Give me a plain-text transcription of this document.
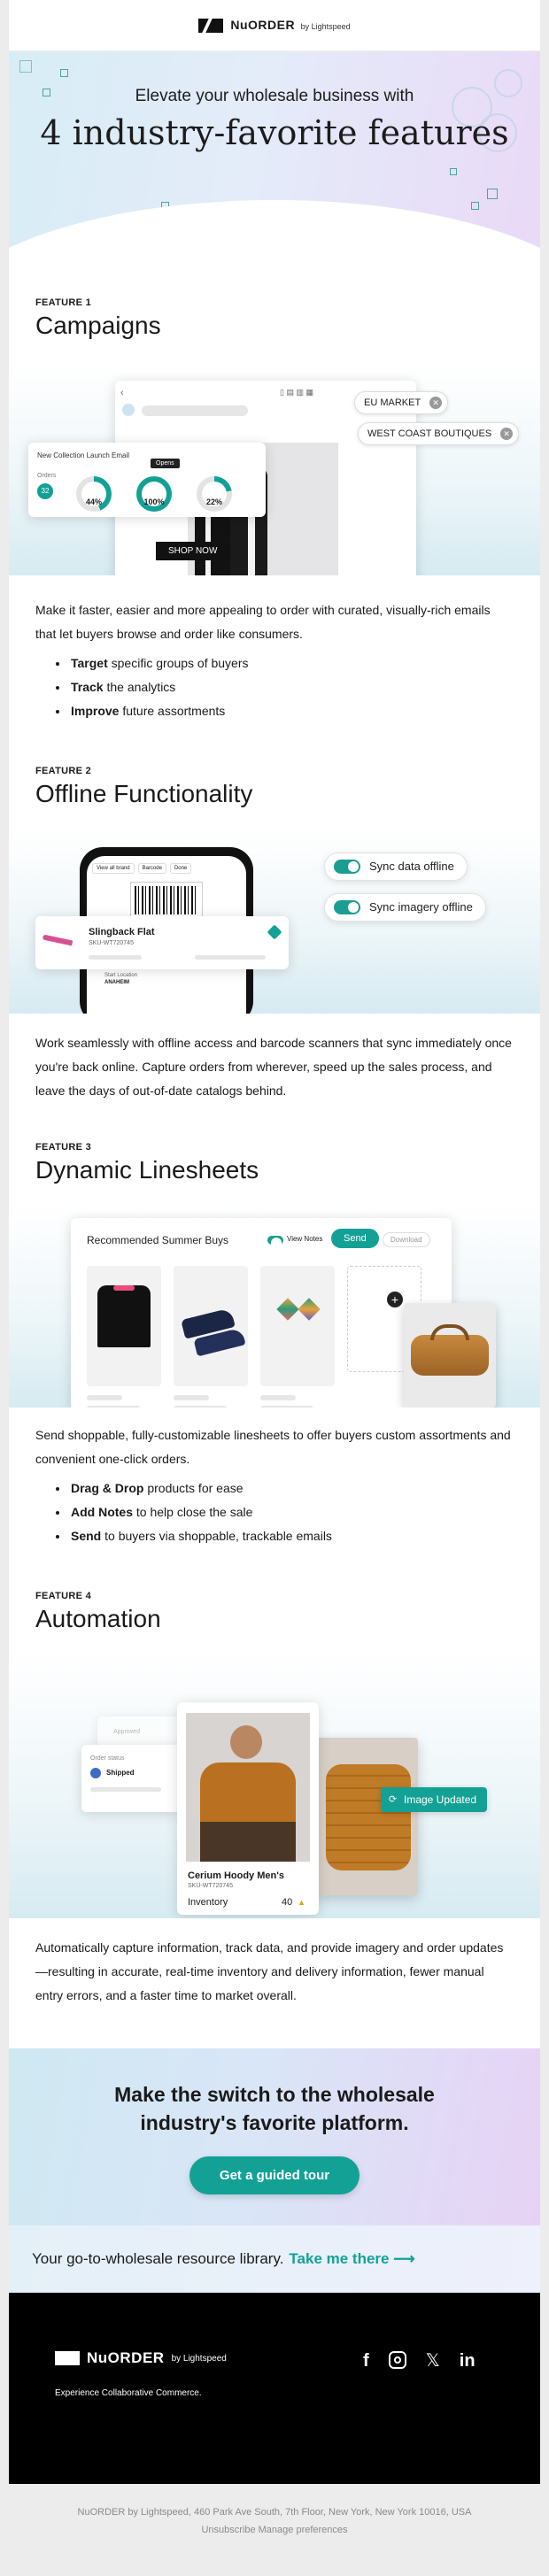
NuORDER by Lightspeed
Elevate your wholesale business with
4 industry-favorite features
FEATURE 1
Campaigns
‹	▯ ▤ ▥ ▦
SHOP NOW
EU MARKET	✕
WEST COAST BOUTIQUES	✕
New Collection Launch Email
Orders
32
Opens
44%	100%	22%
Make it faster, easier and more appealing to order with curated, visually-rich emails that let buyers browse and order like consumers.
• Target specific groups of buyers
• Track the analytics
• Improve future assortments
FEATURE 2
Offline Functionality
View all brand	Barcode	Done
Start Location
ANAHEIM
Slingback Flat
SKU-WT720745
Sync data offline
Sync imagery offline
Work seamlessly with offline access and barcode scanners that sync immediately once you're back online. Capture orders from wherever, speed up the sales process, and leave the days of out-of-date catalogs behind.
FEATURE 3
Dynamic Linesheets
Recommended Summer Buys	View Notes	Send	Download
+
Send shoppable, fully-customizable linesheets to offer buyers custom assortments and convenient one-click orders.
• Drag & Drop products for ease
• Add Notes to help close the sale
• Send to buyers via shoppable, trackable emails
FEATURE 4
Automation
Approved
Order status
Shipped
Cerium Hoody Men's
SKU-WT720745
Inventory	40 ▲
⟳ Image Updated
Automatically capture information, track data, and provide imagery and order updates—resulting in accurate, real-time inventory and delivery information, fewer manual entry errors, and a faster time to market overall.
Make the switch to the wholesale industry's favorite platform.
Get a guided tour
Your go-to-wholesale resource library. Take me there ⟶
NuORDER by Lightspeed
Experience Collaborative Commerce.
f	𝕏 in
NuORDER by Lightspeed, 460 Park Ave South, 7th Floor, New York, New York 10016, USA
Unsubscribe Manage preferences
